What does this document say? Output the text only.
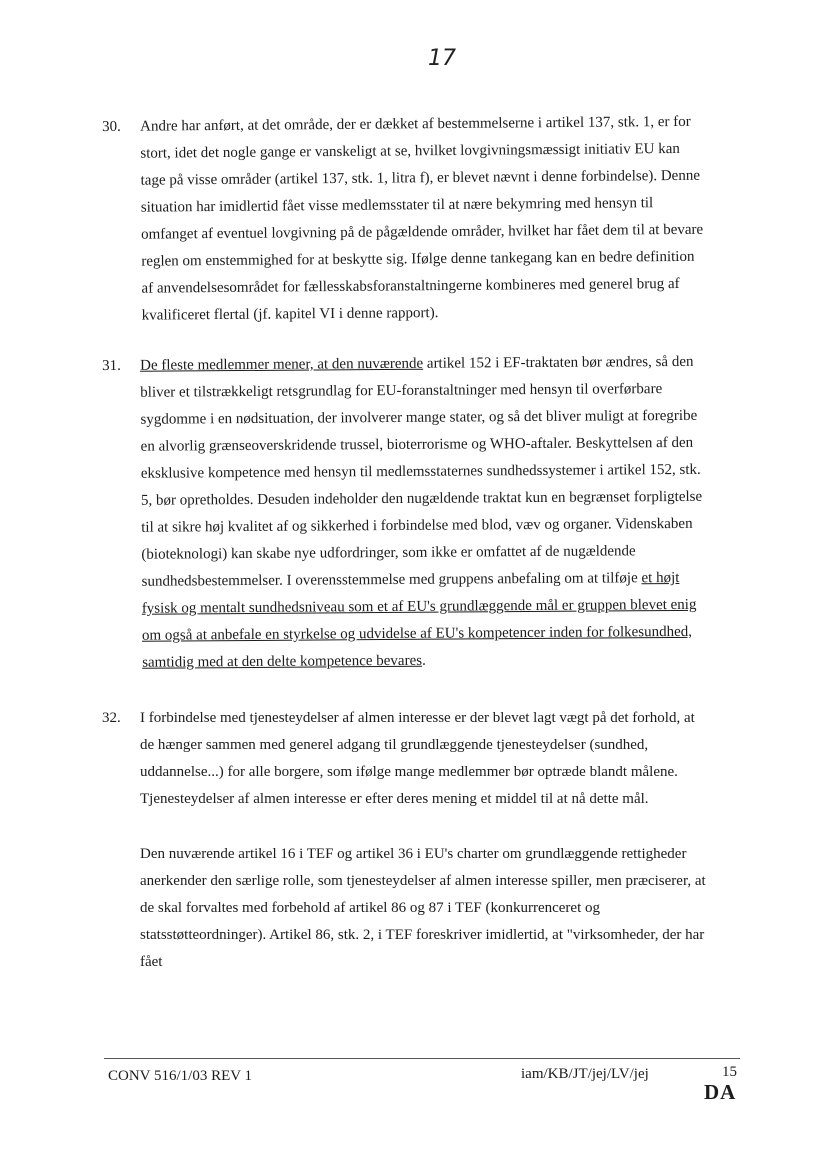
17
30. Andre har anført, at det område, der er dækket af bestemmelserne i artikel 137, stk. 1, er for
stort, idet det nogle gange er vanskeligt at se, hvilket lovgivningsmæssigt initiativ EU kan
tage på visse områder (artikel 137, stk. 1, litra f), er blevet nævnt i denne forbindelse). Denne
situation har imidlertid fået visse medlemsstater til at nære bekymring med hensyn til
omfanget af eventuel lovgivning på de pågældende områder, hvilket har fået dem til at bevare
reglen om enstemmighed for at beskytte sig. Ifølge denne tankegang kan en bedre definition
af anvendelsesområdet for fællesskabsforanstaltningerne kombineres med generel brug af
kvalificeret flertal (jf. kapitel VI i denne rapport).
31. De fleste medlemmer mener, at den nuværende artikel 152 i EF-traktaten bør ændres, så den
bliver et tilstrækkeligt retsgrundlag for EU-foranstaltninger med hensyn til overførbare
sygdomme i en nødsituation, der involverer mange stater, og så det bliver muligt at foregribe
en alvorlig grænseoverskridende trussel, bioterrorisme og WHO-aftaler. Beskyttelsen af den
eksklusive kompetence med hensyn til medlemsstaternes sundhedssystemer i artikel 152, stk.
5, bør opretholdes. Desuden indeholder den nugældende traktat kun en begrænset forpligtelse
til at sikre høj kvalitet af og sikkerhed i forbindelse med blod, væv og organer. Videnskaben
(bioteknologi) kan skabe nye udfordringer, som ikke er omfattet af de nugældende
sundhedsbestemmelser. I overensstemmelse med gruppens anbefaling om at tilføje et højt
fysisk og mentalt sundhedsniveau som et af EU's grundlæggende mål er gruppen blevet enig
om også at anbefale en styrkelse og udvidelse af EU's kompetencer inden for folkesundhed,
samtidig med at den delte kompetence bevares.
32. I forbindelse med tjenesteydelser af almen interesse er der blevet lagt vægt på det forhold, at
de hænger sammen med generel adgang til grundlæggende tjenesteydelser (sundhed,
uddannelse...) for alle borgere, som ifølge mange medlemmer bør optræde blandt målene.
Tjenesteydelser af almen interesse er efter deres mening et middel til at nå dette mål.
Den nuværende artikel 16 i TEF og artikel 36 i EU's charter om grundlæggende rettigheder
anerkender den særlige rolle, som tjenesteydelser af almen interesse spiller, men præciserer, at
de skal forvaltes med forbehold af artikel 86 og 87 i TEF (konkurrenceret og
statsstøtteordninger). Artikel 86, stk. 2, i TEF foreskriver imidlertid, at "virksomheder, der har
fået
CONV 516/1/03 REV 1	iam/KB/JT/jej/LV/jej	15
DA
